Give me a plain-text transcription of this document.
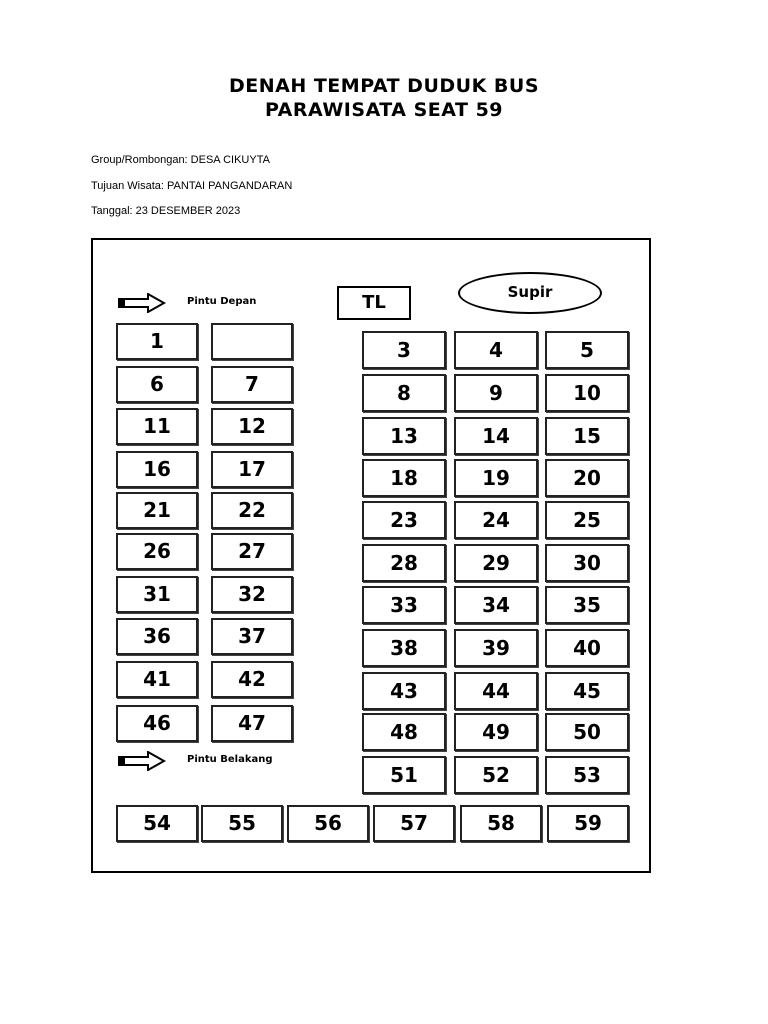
DENAH TEMPAT DUDUK BUS
PARAWISATA SEAT 59
Group/Rombongan: DESA CIKUYTA
Tujuan Wisata: PANTAI PANGANDARAN
Tanggal: 23 DESEMBER 2023
Pintu Depan	TL	Supir
Pintu Belakang
1
6	7
11	12
16	17
21	22
26	27
31	32
36	37
41	42
46	47
3	4	5
8	9	10
13	14	15
18	19	20
23	24	25
28	29	30
33	34	35
38	39	40
43	44	45
48	49	50
51	52	53
54	55	56	57	58	59
